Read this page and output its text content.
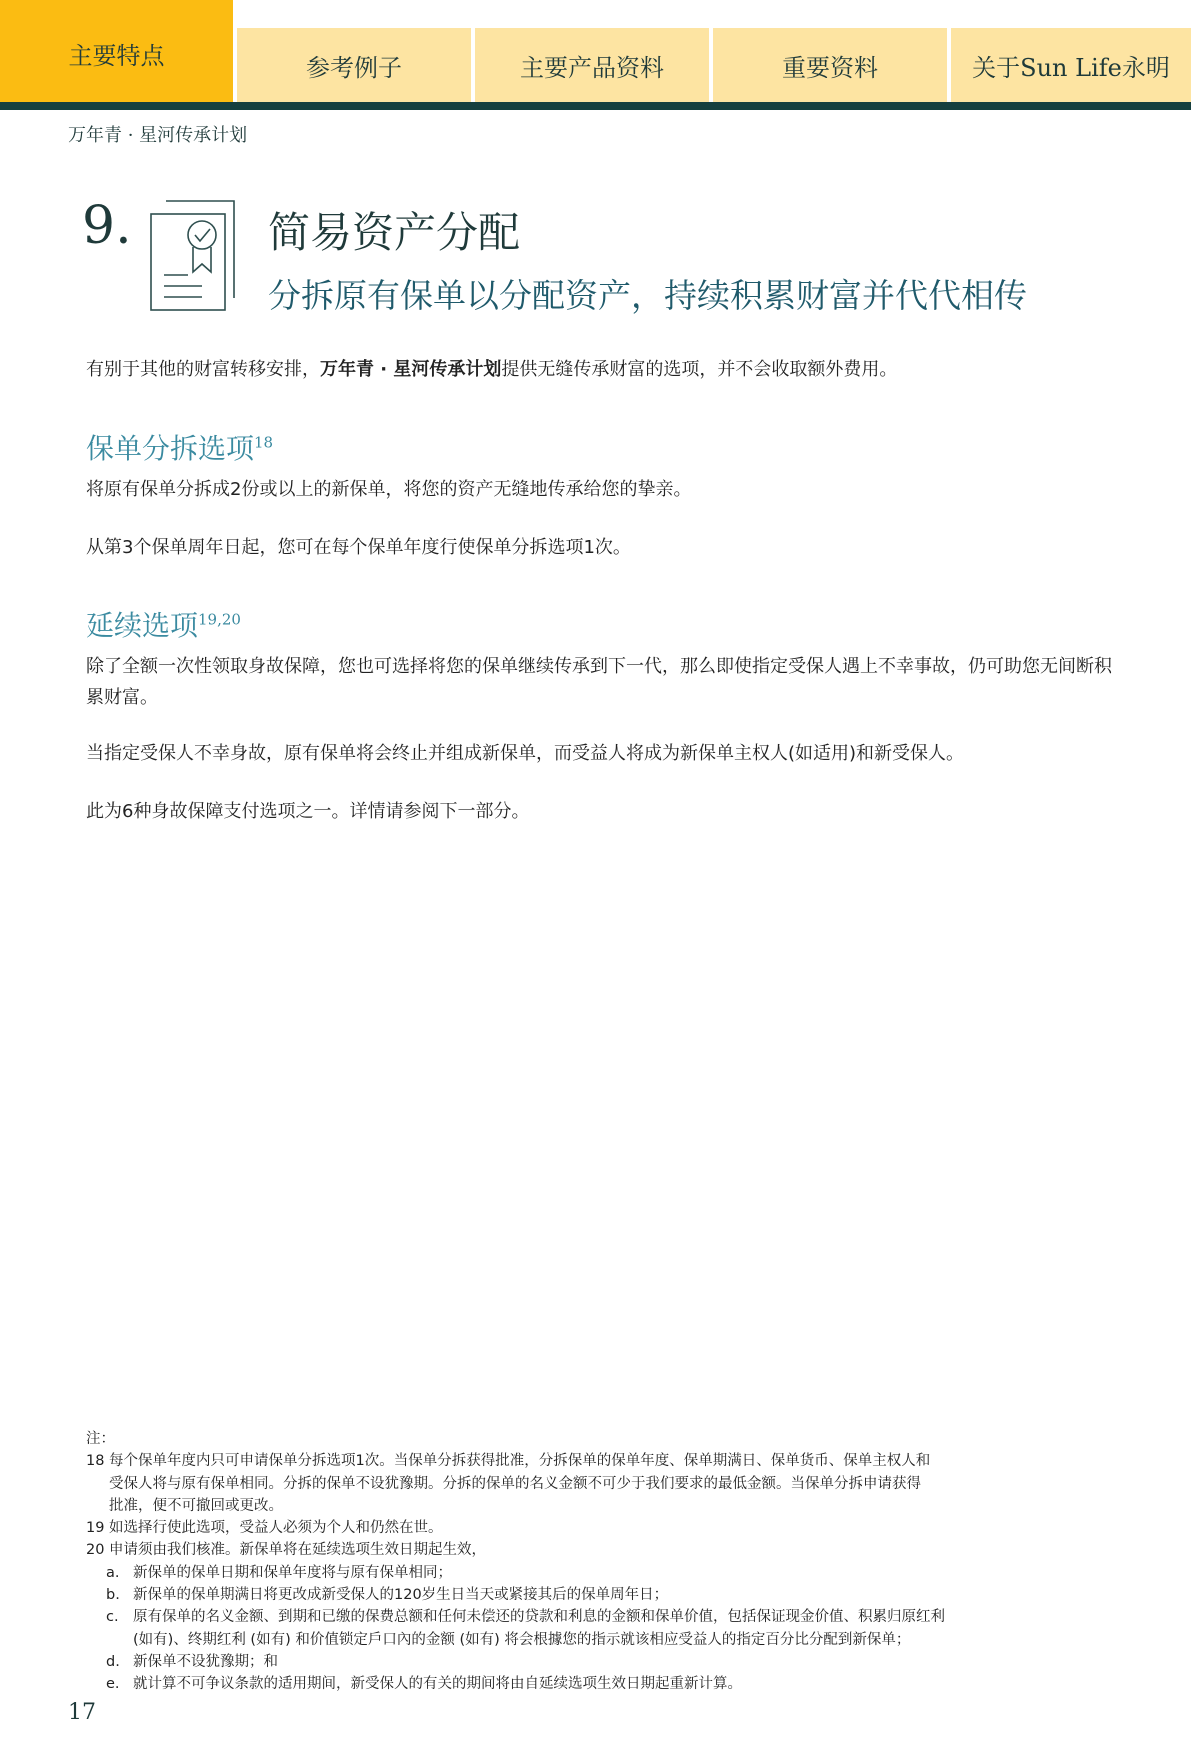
主要特点	参考例子	主要产品资料	重要资料	关于Sun Life永明
万年青 · 星河传承计划
9.	简易资产分配
分拆原有保单以分配资产，持续积累财富并代代相传

有别于其他的财富转移安排，万年青 · 星河传承计划提供无缝传承财富的选项，并不会收取额外费用。

保单分拆选项$^{18}$

将原有保单分拆成2份或以上的新保单，将您的资产无缝地传承给您的挚亲。

从第3个保单周年日起，您可在每个保单年度行使保单分拆选项1次。

延续选项$^{19,20}$

除了全额一次性领取身故保障，您也可选择将您的保单继续传承到下一代，那么即使指定受保人遇上不幸事故，仍可助您无间断积累财富。

当指定受保人不幸身故，原有保单将会终止并组成新保单，而受益人将成为新保单主权人(如适用)和新受保人。

此为6种身故保障支付选项之一。详情请参阅下一部分。

注：
18 每个保单年度内只可申请保单分拆选项1次。当保单分拆获得批准，分拆保单的保单年度、保单期满日、保单货币、保单主权人和
受保人将与原有保单相同。分拆的保单不设犹豫期。分拆的保单的名义金额不可少于我们要求的最低金额。当保单分拆申请获得
批准，便不可撤回或更改。
19 如选择行使此选项，受益人必须为个人和仍然在世。
20 申请须由我们核准。新保单将在延续选项生效日期起生效，
a. 新保单的保单日期和保单年度将与原有保单相同；
b. 新保单的保单期满日将更改成新受保人的120岁生日当天或紧接其后的保单周年日；
c. 原有保单的名义金额、到期和已缴的保费总额和任何未偿还的贷款和利息的金额和保单价值，包括保证现金价值、积累归原红利
(如有)、终期红利 (如有) 和价值锁定戶口內的金额 (如有) 将会根據您的指示就该相应受益人的指定百分比分配到新保单；
d. 新保单不设犹豫期；和
e. 就计算不可争议条款的适用期间，新受保人的有关的期间将由自延续选项生效日期起重新计算。
17
